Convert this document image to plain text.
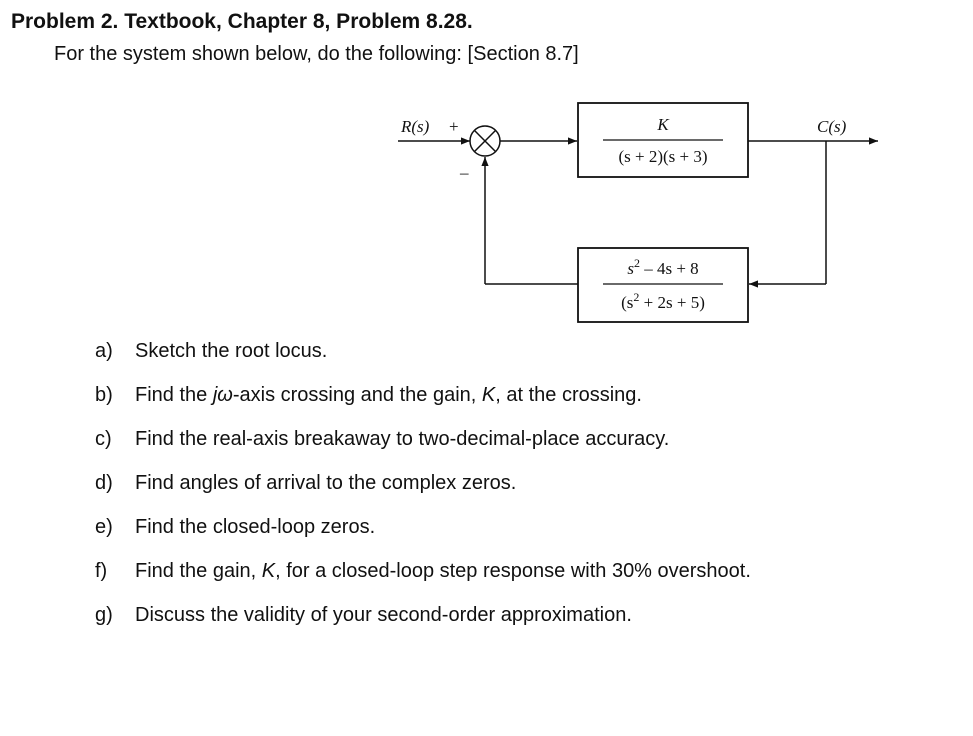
Problem 2. Textbook, Chapter 8, Problem 8.28.
For the system shown below, do the following: [Section 8.7]
R(s) +
–
K
(s + 2)(s + 3)
C(s)
$s^2 - 4s + 8$
$(s^2 + 2s + 5)$
a)	Sketch the root locus.
b)	Find the jω-axis crossing and the gain, K, at the crossing.
c)	Find the real-axis breakaway to two-decimal-place accuracy.
d)	Find angles of arrival to the complex zeros.
e)	Find the closed-loop zeros.
f)	Find the gain, K, for a closed-loop step response with 30% overshoot.
g)	Discuss the validity of your second-order approximation.
